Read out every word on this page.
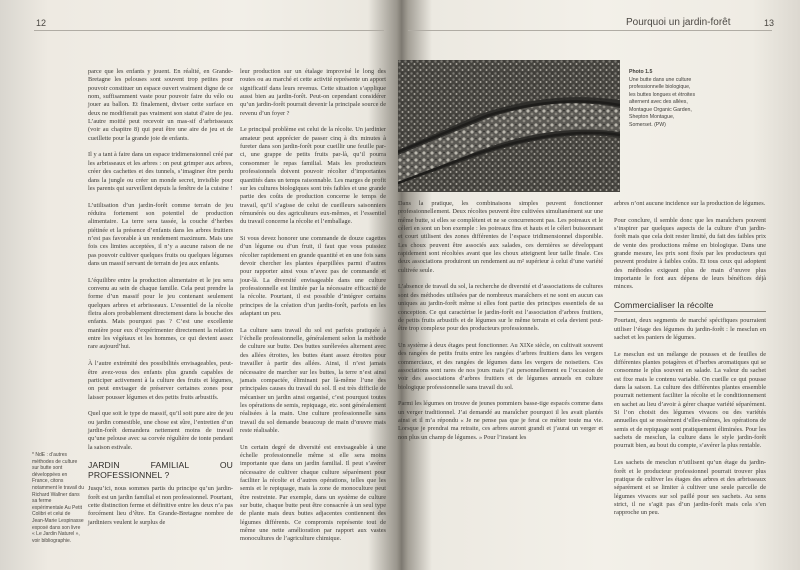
12

parce que les enfants y jouent. En réalité, en Grande-Bretagne les pelouses sont souvent trop petites pour pouvoir constituer un espace ouvert vraiment digne de ce nom, suffisamment vaste pour pouvoir faire du vélo ou jouer au ballon. Et finalement, diviser cette surface en deux ne modifierait pas vraiment son statut d’aire de jeu. L’autre moitié peut recevoir un mas-sif d’arbrisseaux (voir au chapitre 8) qui peut être une aire de jeu et de cueillette pour la grande joie de enfants.

Il y a tant à faire dans un espace tridimensionnel créé par les arbrisseaux et les arbres : on peut grimper aux arbres, créer des cachettes et des tunnels, s’imaginer être perdu dans la jungle ou créer un monde secret, invisible pour les parents qui surveillent depuis la fenêtre de la cuisine !

L’utilisation d’un jardin-forêt comme terrain de jeu réduira fortement son potentiel de production alimentaire. La terre sera tassée, la couche d’herbes piétinée et la présence d’enfants dans les arbres fruitiers n’est pas favorable à un rendement maximum. Mais une fois ces limites acceptées, il n’y a aucune raison de ne pas pouvoir cultiver quelques fruits ou quelques légumes dans un massif servant de terrain de jeu aux enfants.

L’équilibre entre la production alimentaire et le jeu sera convenu au sein de chaque famille. Cela peut prendre la forme d’un massif pour le jeu contenant seulement quelques arbres et arbrisseaux. L’essentiel de la récolte fleira alors probablement directement dans la bouche des enfants. Mais pourquoi pas ? C’est une excellente manière pour eux d’expérimenter directement la relation entre les végétaux et les hommes, ce qui devient assez rare aujourd’hui.

À l’autre extrémité des possibilités envisageables, peut-être avez-vous des enfants plus grands capables de participer activement à la culture des fruits et légumes, on peut envisager de préserver certaines zones pour laisser pousser légumes et des petits fruits arbustifs.

Quel que soit le type de massif, qu’il soit pure aire de jeu ou jardin comestible, une chose est sûre, l’entretien d’un jardin-forêt demandera nettement moins de travail qu’une pelouse avec sa corvée régulière de tonte pendant la saison estivale.

JARDIN FAMILIAL OU PROFESSIONNEL ?

Jusqu’ici, nous sommes partis du principe qu’un jardin-forêt est un jardin familial et non professionnel. Pourtant, cette distinction ferme et définitive entre les deux n’a pas forcément lieu d’être. En Grande-Bretagne nombre de jardiniers veulent le surplus de

leur production sur un étalage improvisé le long des routes ou au marché et cette activité représente un apport significatif dans leurs revenus. Cette situation s’applique aussi bien au jardin-forêt. Peut-on cependant considérer qu’un jardin-forêt pourrait devenir la principale source de revenu d’un foyer ?

Le principal problème est celui de la récolte. Un jardinier amateur peut apprécier de passer cinq à dix minutes à fureter dans son jardin-forêt pour cueillir une feuille par-ci, une grappe de petits fruits par-là, qu’il pourra consommer le repas familial. Mais les producteurs professionnels doivent pouvoir récolter d’importantes quantités dans un temps raisonnable. Les marges de profit sur les cultures biologiques sont très faibles et une grande partie des coûts de production concerne le temps de travail, qu’il s’agisse de celui de cueilleurs saisonniers rémunérés ou des agriculteurs eux-mêmes, et l’essentiel du travail concerne la récolte et l’emballage.

Si vous devez honorer une commande de douze cagettes d’un légume ou d’un fruit, il faut que vous puissiez récolter rapidement en grande quantité et en une fois sans devoir chercher les plantes éparpillées parmi d’autres pour rapporter ainsi vous n’avez pas de commande et jour-là. La diversité envisageable dans une culture professionnelle est limitée par la nécessaire efficacité de la récolte. Pourtant, il est possible d’intégrer certains principes de la création d’un jardin-forêt, parfois en les adaptant un peu.

La culture sans travail du sol est parfois pratiquée à l’échelle professionnelle, généralement selon la méthode de culture sur butte. Des buttes surélevées alternent avec des allées étroites, les buttes étant assez étroites pour travailler à partir des allées. Ainsi, il n’est jamais nécessaire de marcher sur les buttes, la terre n’est ainsi jamais compactée, éliminant par là-même l’une des principales causes du travail du sol. Il est très difficile de mécaniser un jardin ainsi organisé, c’est pourquoi toutes les opérations de semis, repiquage, etc. sont généralement réalisées à la main. Une culture professionnelle sans travail du sol demande beaucoup de main d’œuvre mais reste réalisable.

Un certain degré de diversité est envisageable à une échelle professionnelle même si elle sera moins importante que dans un jardin familial. Il peut s’avérer nécessaire de cultiver chaque culture séparément pour faciliter la récolte et d’autres opérations, telles que les semis et le repiquage, mais la zone de monoculture peut être restreinte. Par exemple, dans un système de culture sur butte, chaque butte peut être consacrée à un seul type de plante mais deux buttes adjacentes contiennent des légumes différents. Ce compromis représente tout de même une nette amélioration par rapport aux vastes monocultures de l’agriculture chimique.

* NdE : d’autres méthodes de culture sur butte sont développées en France, citons notamment le travail du Richard Wallner dans sa ferme expérimentale Au Petit Colibri et celui de Jean-Marie Lespinasse exposé dans son livre « Le Jardin Naturel », voir bibliographie.
Pourquoi un jardin-forêt	13
Photo 1.5
Une butte dans une culture professionnelle biologique, les buttes longues et étroites alternent avec des allées, Montague Organic Garden, Shepton Montague, Somerset. (PW)

Dans la pratique, les combinaisons simples peuvent fonctionner professionnellement. Deux récoltes peuvent être cultivées simultanément sur une même butte, si elles se complètent et ne se concurrencent pas. Les poireaux et le céleri en sont un bon exemple : les poireaux fins et hauts et le céleri buissonnant et court utilisent des zones différentes de l’espace tridimensionnel disponible. Les choux peuvent être associés aux salades, ces dernières se développant rapidement sont récoltées avant que les choux atteignent leur taille finale. Ces deux associations produiront un rendement au m² supérieur à celui d’une variété cultivée seule.

L’absence de travail du sol, la recherche de diversité et d’associations de cultures sont des méthodes utilisées par de nombreux maraîchers et ne sont en aucun cas uniques au jardin-forêt même si elles font partie des principes essentiels de sa conception. Ce qui caractérise le jardin-forêt est l’association d’arbres fruitiers, de petits fruits arbustifs et de légumes sur le même terrain et cela devient peut-être trop complexe pour des producteurs professionnels.

Un système à deux étages peut fonctionner. Au XIXe siècle, on cultivait souvent des rangées de petits fruits entre les rangées d’arbres fruitiers dans les vergers commerciaux, et des rangées de légumes dans les vergers de noisetiers. Ces associations sont rares de nos jours mais j’ai personnellement eu l’occasion de voir des associations d’arbres fruitiers et de légumes annuels en culture biologique professionnelle sans travail du sol.

Parmi les légumes on trouve de jeunes pommiers basse-tige espacés comme dans un verger traditionnel. J’ai demandé au maraîcher pourquoi il les avait plantés ainsi et il m’a répondu « Je ne pense pas que je ferai ce métier toute ma vie. Lorsque je prendrai ma retraite, ces arbres auront grandi et j’aurai un verger et non plus un champ de légumes. » Pour l’instant les

arbres n’ont aucune incidence sur la production de légumes.

Pour conclure, il semble donc que les maraîchers pouvent s’inspirer par quelques aspects de la culture d’un jardin-forêt mais que cela doit rester limité, du fait des faibles prix de vente des productions même en biologique. Dans une grande mesure, les prix sont fixés par les producteurs qui peuvent produire à faibles coûts. Et tous ceux qui adoptent des méthodes exigeant plus de main d’œuvre plus importante le font aux dépens de leurs bénéfices déjà minces.

Commercialiser la récolte

Pourtant, deux segments de marché spécifiques pourraient utiliser l’étage des légumes du jardin-forêt : le mesclun en sachet et les paniers de légumes.

Le mesclun est un mélange de pousses et de feuilles de différentes plantes potagères et d’herbes aromatiques qui se consomme le plus souvent en salade. La valeur du sachet est fixe mais le contenu variable. On cueille ce qui pousse dans la saison. La culture des différentes plantes ensemble pourrait nettement faciliter la récolte et le conditionnement en sachet au lieu d’avoir à gérer chaque variété séparément. Si l’on choisit des légumes vivaces ou des variétés annuelles qui se ressèment d’elles-mêmes, les opérations de semis et de repiquage sont pratiquement éliminées. Pour les sachets de mesclun, la culture dans le style jardin-forêt pourrait bien, au bout du compte, s’avérer la plus rentable.

Les sachets de mesclun n’utilisent qu’un étage du jardin-forêt et le producteur professionnel pourrait trouver plus pratique de cultiver les étages des arbres et des arbrisseaux séparément et se limiter à cultiver une seule parcelle de légumes vivaces sur sol paillé pour ses sachets. Au sens strict, il ne s’agit pas d’un jardin-forêt mais cela s’en rapproche un peu.
